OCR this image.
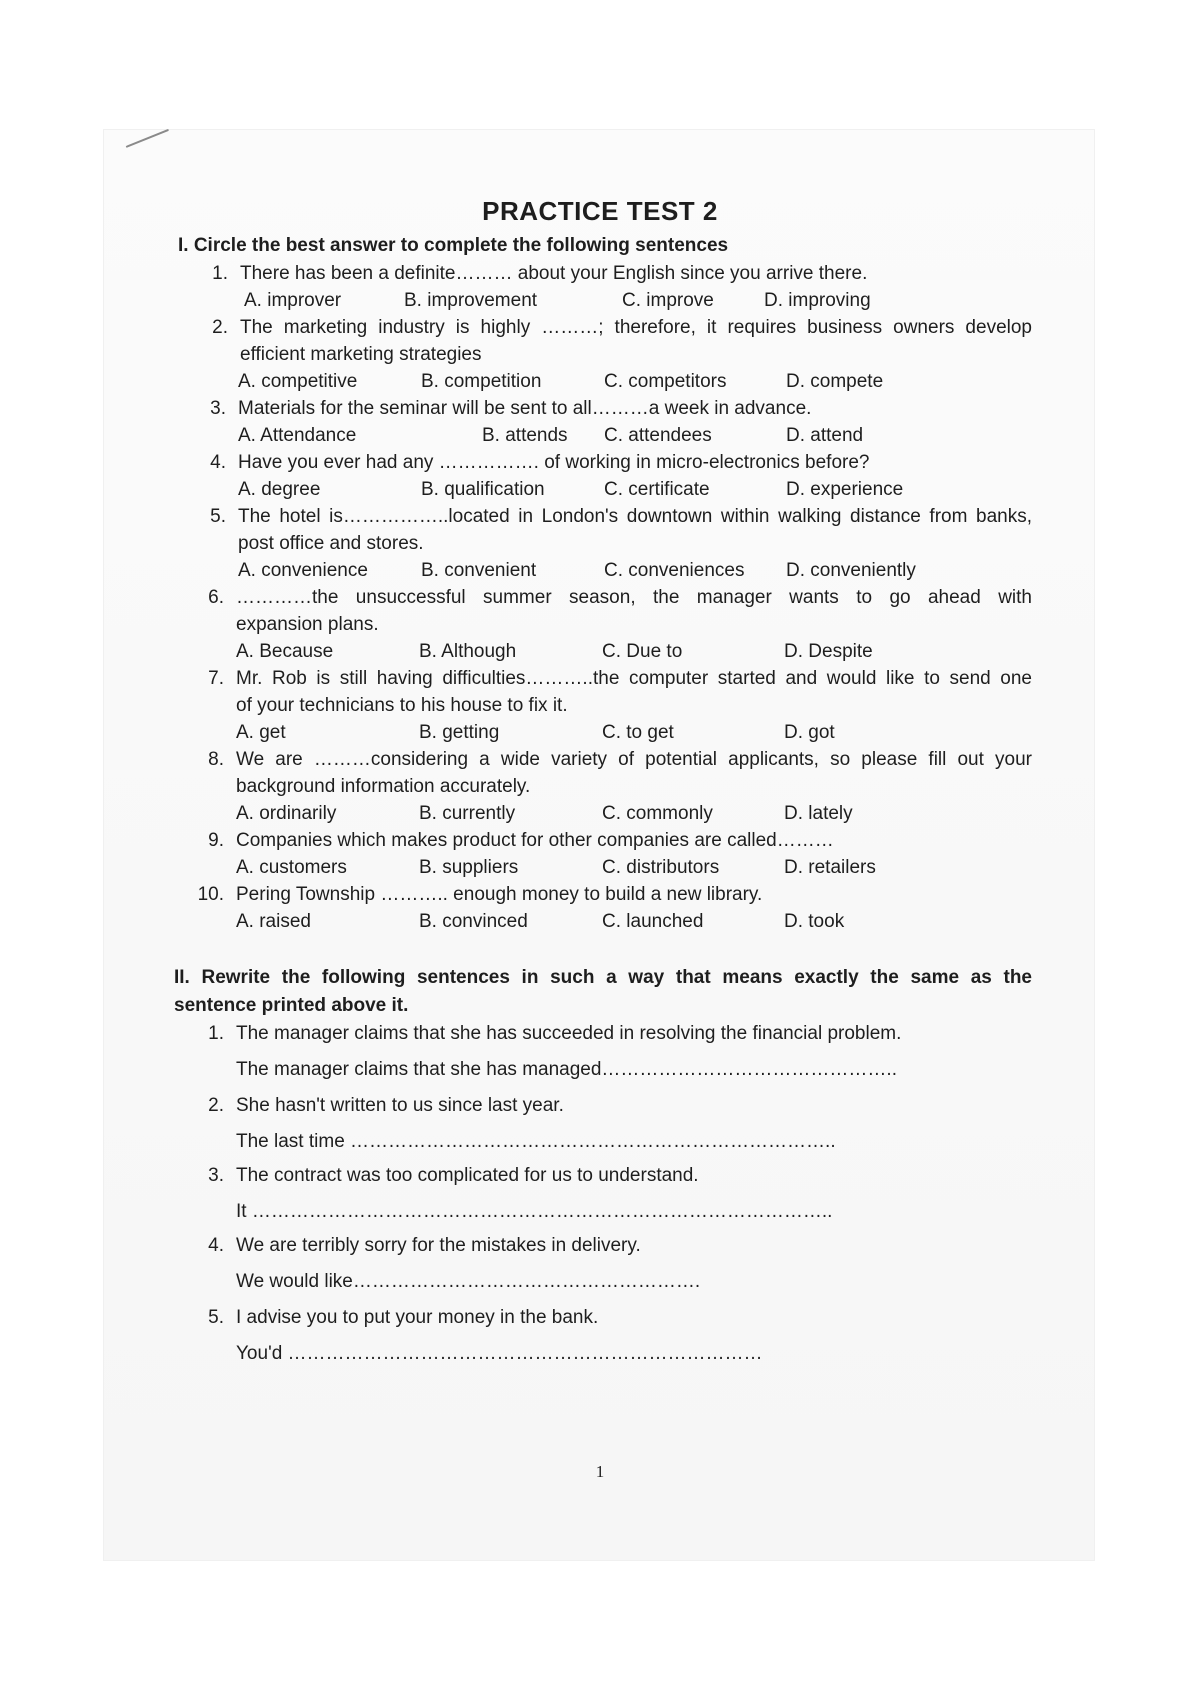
PRACTICE TEST 2
I. Circle the best answer to complete the following sentences
1. There has been a definite……… about your English since you arrive there.
A. improver	B. improvement	C. improve	D. improving
2. The marketing industry is highly ………; therefore, it requires business owners develop
efficient marketing strategies
A. competitive	B. competition	C. competitors	D. compete
3. Materials for the seminar will be sent to all………a week in advance.
A. Attendance	B. attends C. attendees	D. attend
4. Have you ever had any ……………. of working in micro-electronics before?
A. degree	B. qualification	C. certificate	D. experience
5. The hotel is……………..located in London's downtown within walking distance from banks,
post office and stores.
A. convenience	B. convenient	C. conveniences D. conveniently
6. …………the unsuccessful summer season, the manager wants to go ahead with
expansion plans.
A. Because	B. Although	C. Due to	D. Despite
7. Mr. Rob is still having difficulties………..the computer started and would like to send one
of your technicians to his house to fix it.
A. get	B. getting	C. to get	D. got
8. We are ………considering a wide variety of potential applicants, so please fill out your
background information accurately.
A. ordinarily	B. currently	C. commonly	D. lately
9. Companies which makes product for other companies are called………
A. customers	B. suppliers	C. distributors	D. retailers
10. Pering Township ……….. enough money to build a new library.
A. raised	B. convinced	C. launched	D. took
II. Rewrite the following sentences in such a way that means exactly the same as the
sentence printed above it.
1. The manager claims that she has succeeded in resolving the financial problem.
The manager claims that she has managed………………………………………..
2. She hasn't written to us since last year.
The last time …………………………………………………………………..
3. The contract was too complicated for us to understand.
It ………………………………………………………………………………..
4. We are terribly sorry for the mistakes in delivery.
We would like……………………………………………….
5. I advise you to put your money in the bank.
You'd …………………………………………………………………
1
